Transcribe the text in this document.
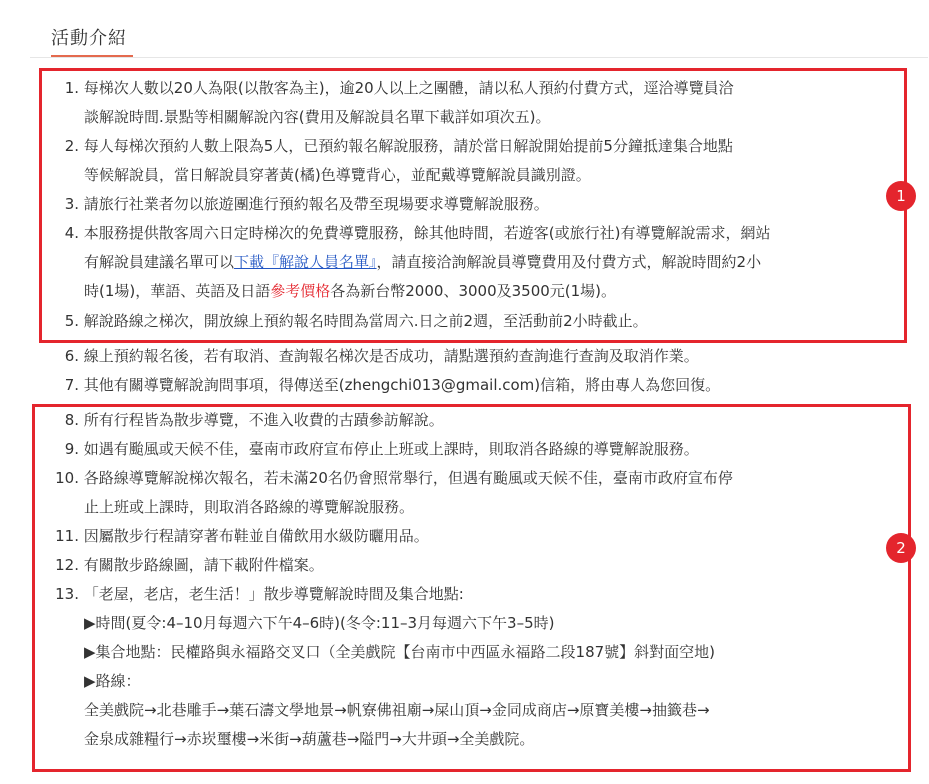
活動介紹
1
2
1. 每梯次人數以20人為限(以散客為主)，逾20人以上之團體，請以私人預約付費方式，逕洽導覽員洽
談解說時間.景點等相關解說內容(費用及解說員名單下載詳如項次五)。
2. 每人每梯次預約人數上限為5人，已預約報名解說服務，請於當日解說開始提前5分鐘抵達集合地點
等候解說員，當日解說員穿著黃(橘)色導覽背心，並配戴導覽解說員識別證。
3. 請旅行社業者勿以旅遊團進行預約報名及帶至現場要求導覽解說服務。
4. 本服務提供散客周六日定時梯次的免費導覽服務，餘其他時間，若遊客(或旅行社)有導覽解說需求，網站
有解說員建議名單可以下載『解說人員名單』，請直接洽詢解說員導覽費用及付費方式，解說時間約2小
時(1場)，華語、英語及日語參考價格各為新台幣2000、3000及3500元(1場)。
5. 解說路線之梯次，開放線上預約報名時間為當周六.日之前2週，至活動前2小時截止。
6. 線上預約報名後，若有取消、查詢報名梯次是否成功，請點選預約查詢進行查詢及取消作業。
7. 其他有關導覽解說詢問事項，得傳送至(zhengchi013@gmail.com)信箱，將由專人為您回復。
8. 所有行程皆為散步導覽，不進入收費的古蹟參訪解說。
9. 如遇有颱風或天候不佳，臺南市政府宣布停止上班或上課時，則取消各路線的導覽解說服務。
10. 各路線導覽解說梯次報名，若未滿20名仍會照常舉行，但遇有颱風或天候不佳，臺南市政府宣布停
止上班或上課時，則取消各路線的導覽解說服務。
11. 因屬散步行程請穿著布鞋並自備飲用水級防曬用品。
12. 有關散步路線圖，請下載附件檔案。
13. 「老屋，老店，老生活！」散步導覽解說時間及集合地點:
▶時間(夏令:4–10月每週六下午4–6時)(冬令:11–3月每週六下午3–5時)
▶集合地點：民權路與永福路交叉口（全美戲院【台南市中西區永福路二段187號】斜對面空地)
▶路線：
全美戲院→北巷雕手→葉石濤文學地景→帆寮佛祖廟→屎山頂→金同成商店→原寶美樓→抽籤巷→
金泉成雜糧行→赤崁璽樓→米街→葫蘆巷→隘門→大井頭→全美戲院。
